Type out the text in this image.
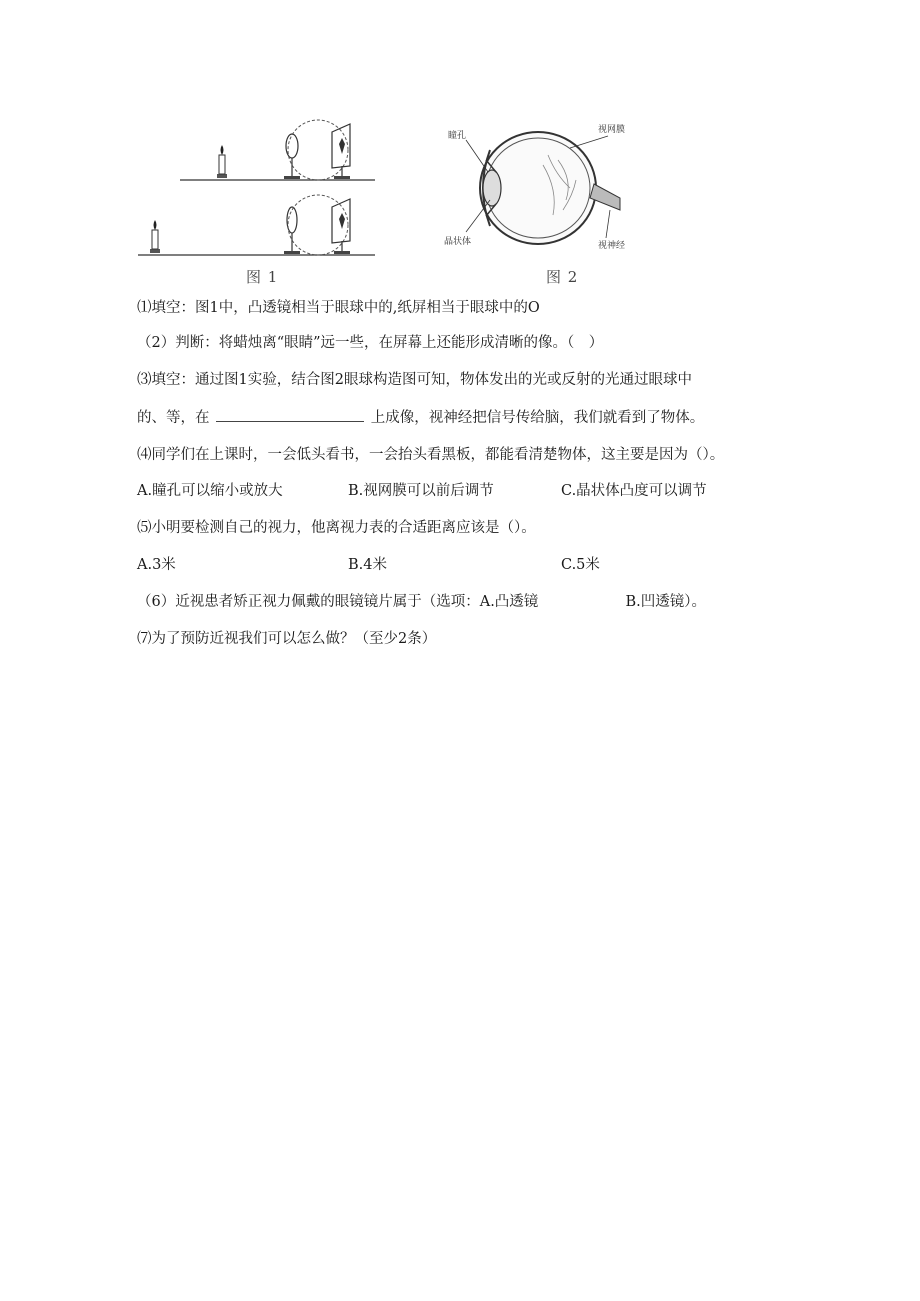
图 1
瞳孔
视网膜
晶状体	视神经
图 2
⑴填空：图1中，凸透镜相当于眼球中的,纸屏相当于眼球中的O
（2）判断：将蜡烛离“眼睛”远一些，在屏幕上还能形成清晰的像。（　）
⑶填空：通过图1实验，结合图2眼球构造图可知，物体发出的光或反射的光通过眼球中
的、等，在	上成像，视神经把信号传给脑，我们就看到了物体。
⑷同学们在上课时，一会低头看书，一会抬头看黑板，都能看清楚物体，这主要是因为（）。
A.瞳孔可以缩小或放大	B.视网膜可以前后调节	C.晶状体凸度可以调节
⑸小明要检测自己的视力，他离视力表的合适距离应该是（）。
A.3米	B.4米	C.5米
（6）近视患者矫正视力佩戴的眼镜镜片属于（选项：A.凸透镜	B.凹透镜）。
⑺为了预防近视我们可以怎么做？（至少2条）
